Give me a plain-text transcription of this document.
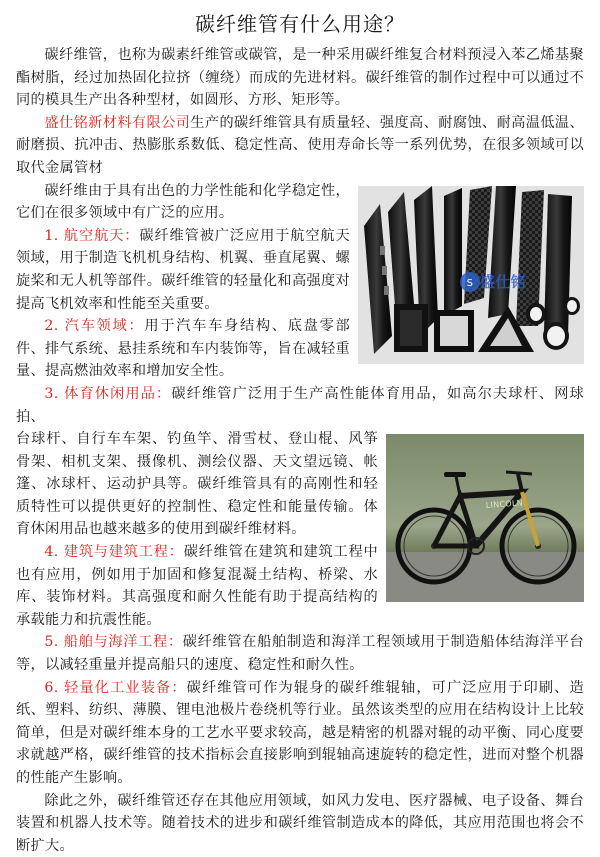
碳纤维管有什么用途？

碳纤维管，也称为碳素纤维管或碳管，是一种采用碳纤维复合材料预浸入苯乙烯基聚酯树脂，经过加热固化拉挤（缠绕）而成的先进材料。碳纤维管的制作过程中可以通过不同的模具生产出各种型材，如圆形、方形、矩形等。

盛仕铭新材料有限公司生产的碳纤维管具有质量轻、强度高、耐腐蚀、耐高温低温、耐磨损、抗冲击、热膨胀系数低、稳定性高、使用寿命长等一系列优势，在很多领域可以取代金属管材

S 盛仕铭

碳纤维由于具有出色的力学性能和化学稳定性，它们在很多领域中有广泛的应用。

1. 航空航天：碳纤维管被广泛应用于航空航天领域，用于制造飞机机身结构、机翼、垂直尾翼、螺旋桨和无人机等部件。碳纤维管的轻量化和高强度对提高飞机效率和性能至关重要。

2. 汽车领域：用于汽车车身结构、底盘零部件、排气系统、悬挂系统和车内装饰等，旨在减轻重量、提高燃油效率和增加安全性。

3. 体育休闲用品：碳纤维管广泛用于生产高性能体育用品，如高尔夫球杆、网球拍、

LINCOLN

台球杆、自行车车架、钓鱼竿、滑雪杖、登山棍、风筝骨架、相机支架、摄像机、测绘仪器、天文望远镜、帐篷、冰球杆、运动护具等。碳纤维管具有的高刚性和轻质特性可以提供更好的控制性、稳定性和能量传输。体育休闲用品也越来越多的使用到碳纤维材料。

4. 建筑与建筑工程：碳纤维管在建筑和建筑工程中也有应用，例如用于加固和修复混凝土结构、桥梁、水库、装饰材料。其高强度和耐久性能有助于提高结构的承载能力和抗震性能。

5. 船舶与海洋工程：碳纤维管在船舶制造和海洋工程领域用于制造船体结海洋平台等，以减轻重量并提高船只的速度、稳定性和耐久性。

6. 轻量化工业装备：碳纤维管可作为辊身的碳纤维辊轴，可广泛应用于印刷、造纸、塑料、纺织、薄膜、锂电池极片卷绕机等行业。虽然该类型的应用在结构设计上比较简单，但是对碳纤维本身的工艺水平要求较高，越是精密的机器对辊的动平衡、同心度要求就越严格，碳纤维管的技术指标会直接影响到辊轴高速旋转的稳定性，进而对整个机器的性能产生影响。

除此之外，碳纤维管还存在其他应用领域，如风力发电、医疗器械、电子设备、舞台装置和机器人技术等。随着技术的进步和碳纤维管制造成本的降低，其应用范围也将会不断扩大。
